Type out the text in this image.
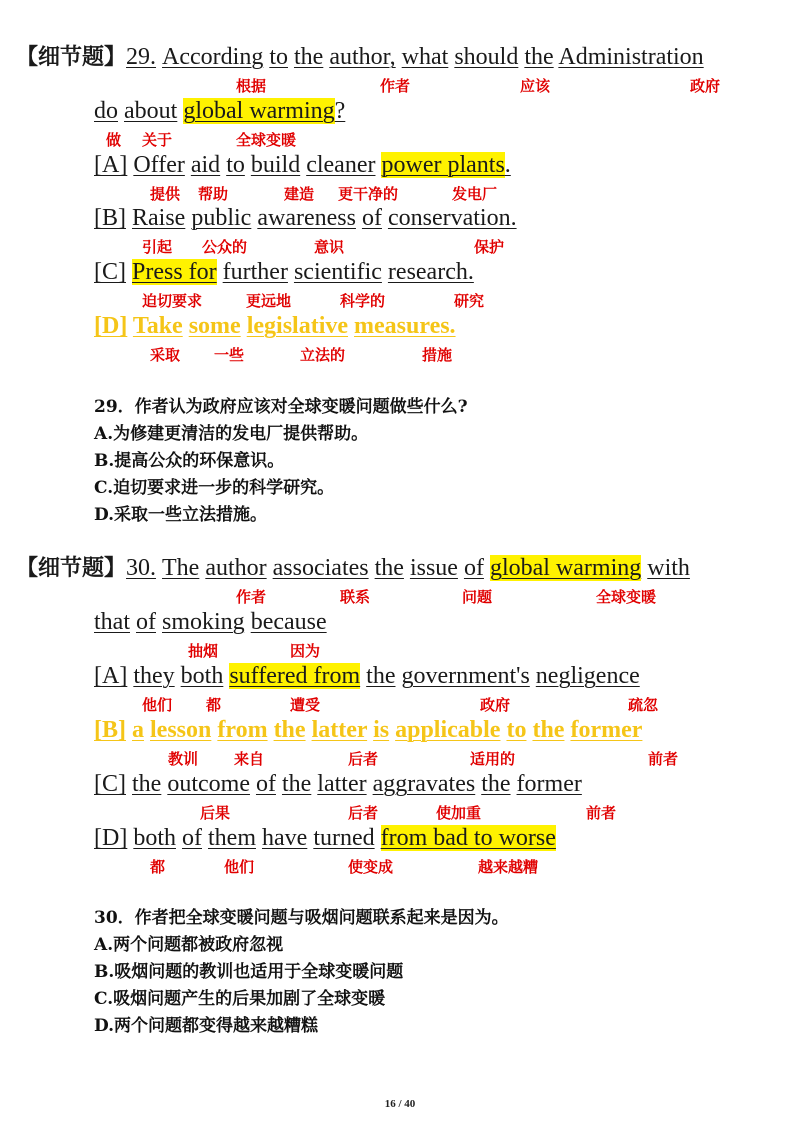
【细节题】29. According to the author, what should the Administration

根据	作者	应该	政府

do about global warming?

做 关于	全球变暖

[A] Offer aid to build cleaner power plants.

提供 帮助	建造 更干净的	发电厂

[B] Raise public awareness of conservation.

引起 公众的	意识	保护

[C] Press for further scientific research.

迫切要求	更远地	科学的	研究

[D] Take some legislative measures.

采取 一些	立法的	措施
29．作者认为政府应该对全球变暖问题做些什么?
A.为修建更清洁的发电厂提供帮助。
B.提高公众的环保意识。
C.迫切要求进一步的科学研究。
D.采取一些立法措施。

【细节题】30. The author associates the issue of global warming with

作者	联系	问题	全球变暖

that of smoking because

抽烟	因为

[A] they both suffered from the government's negligence

他们 都	遭受	政府	疏忽

[B] a lesson from the latter is applicable to the former

教训 来自	后者	适用的	前者

[C] the outcome of the latter aggravates the former

后果	后者	使加重	前者

[D] both of them have turned from bad to worse

都	他们	使变成	越来越糟
30．作者把全球变暖问题与吸烟问题联系起来是因为。
A.两个问题都被政府忽视
B.吸烟问题的教训也适用于全球变暖问题
C.吸烟问题产生的后果加剧了全球变暖
D.两个问题都变得越来越糟糕
16 / 40
